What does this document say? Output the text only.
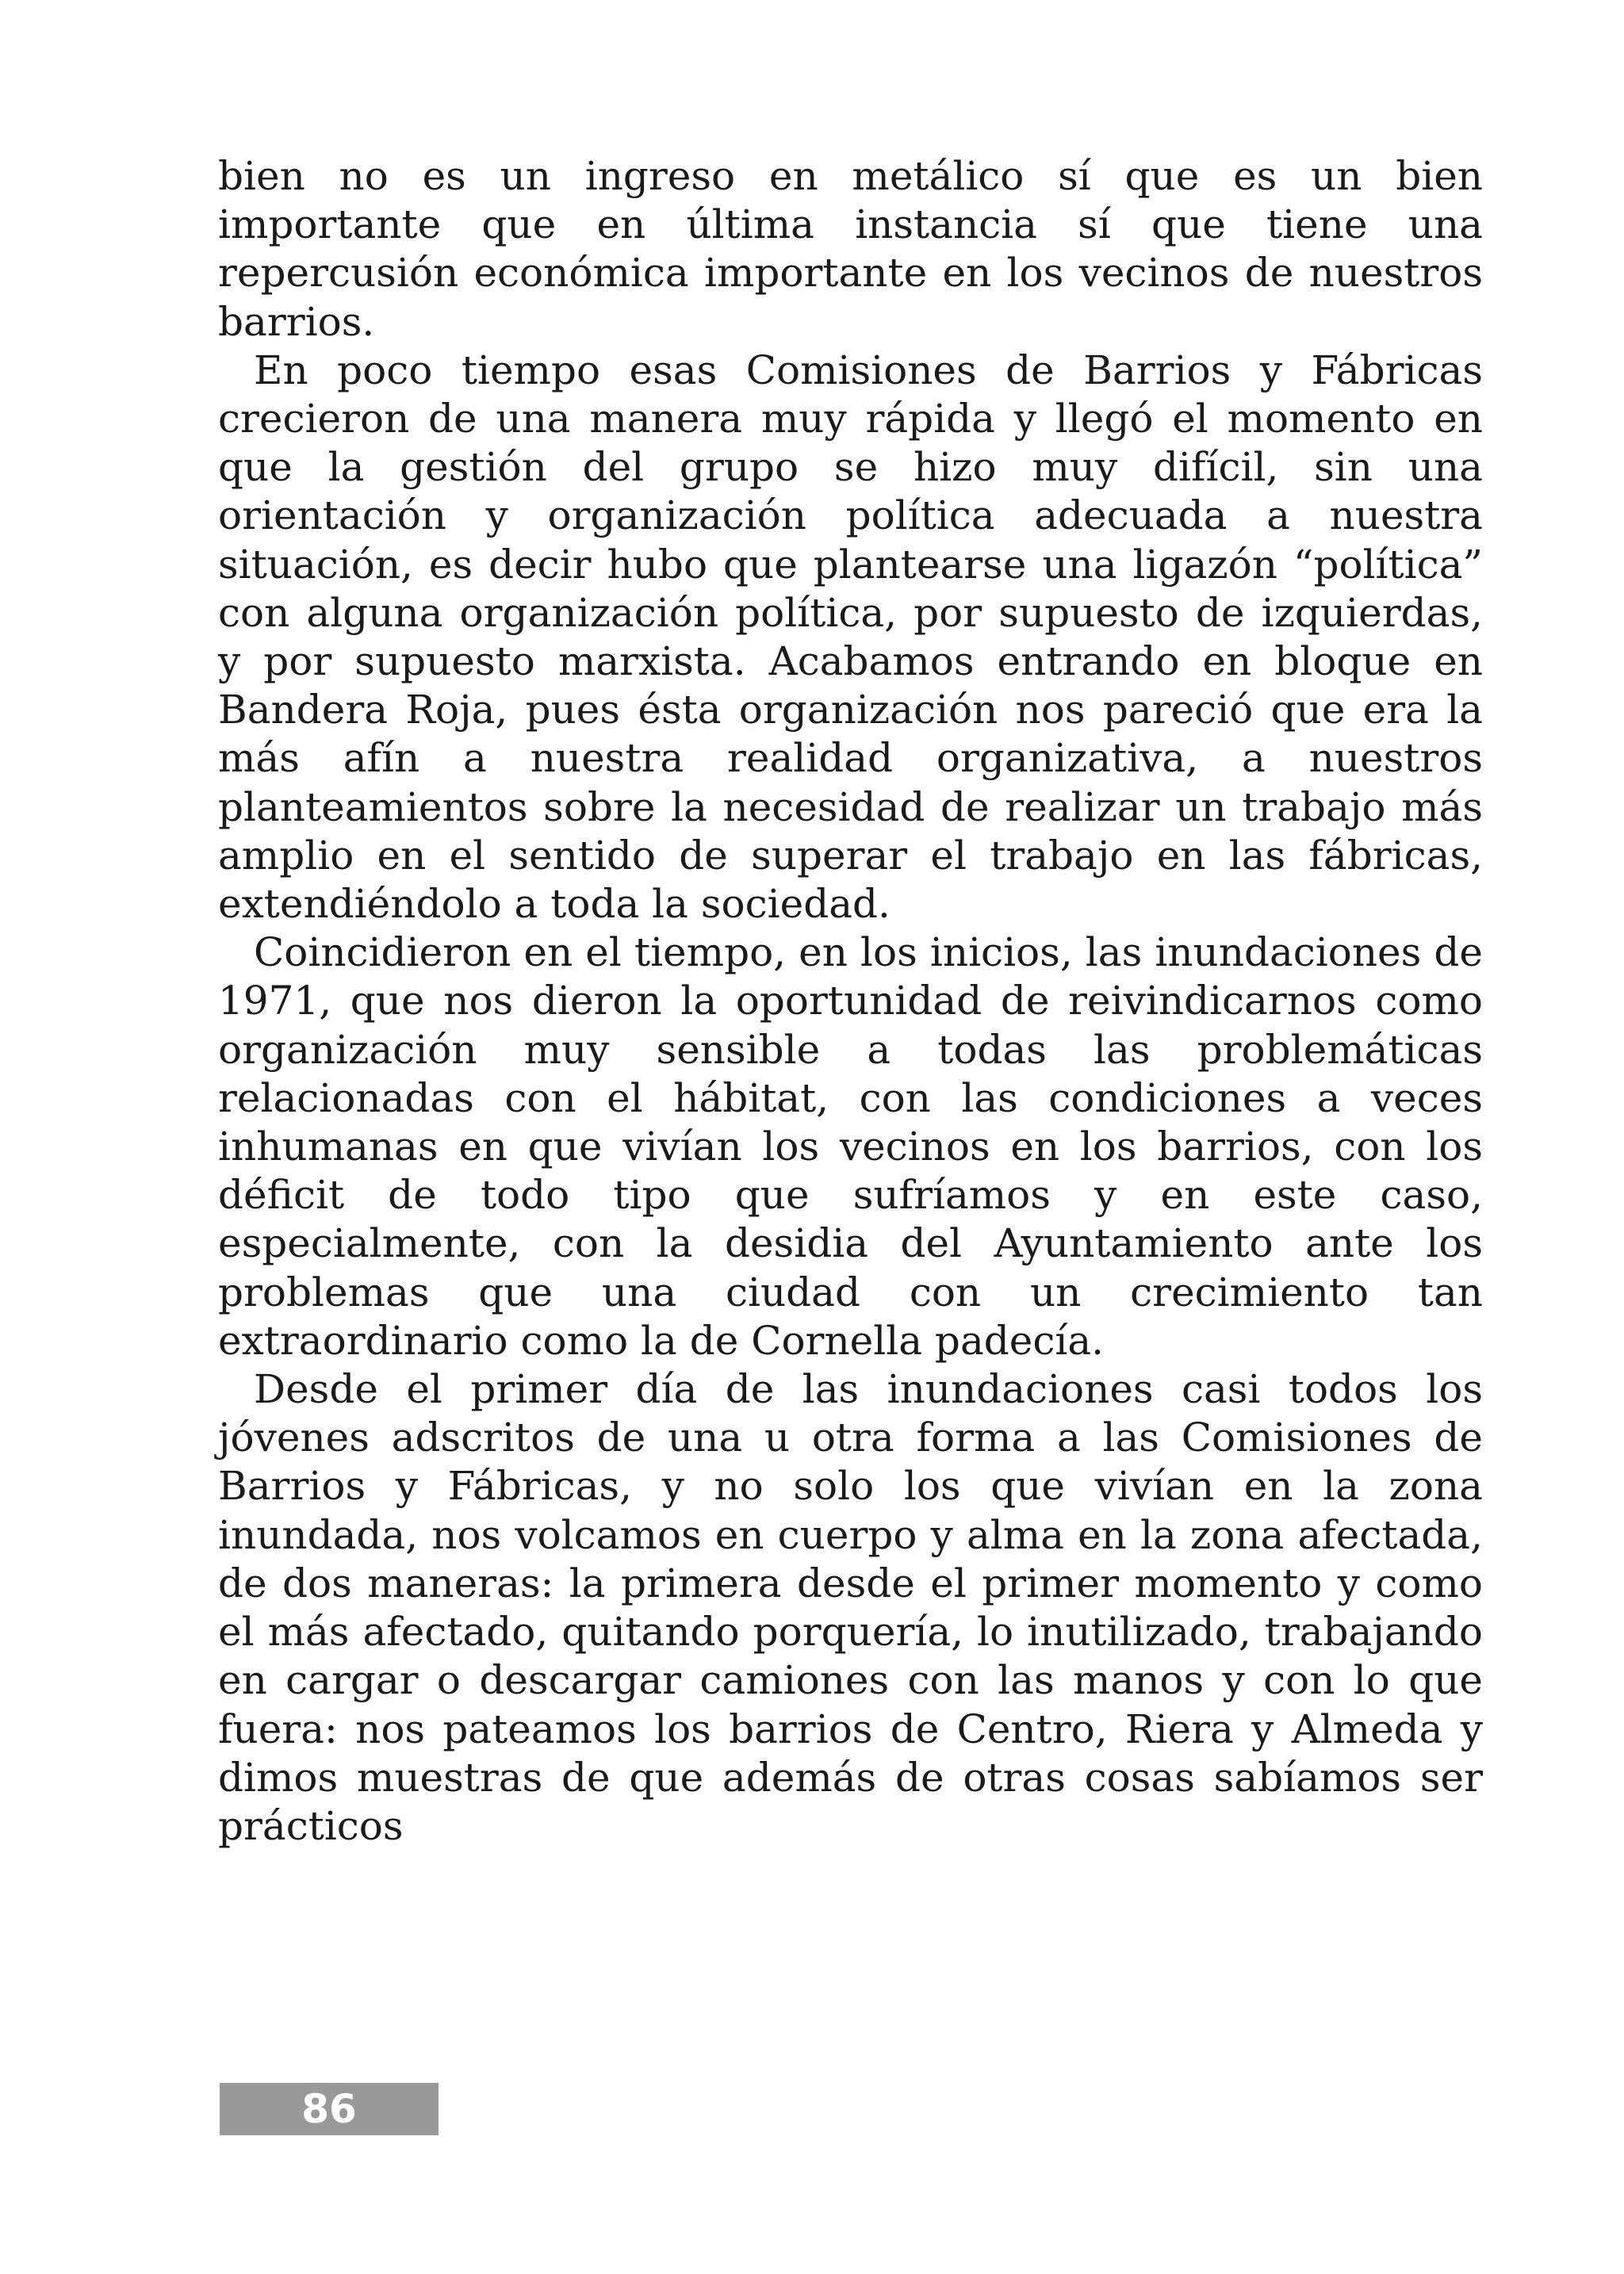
bien no es un ingreso en metálico sí que es un bien importante que en última instancia sí que tiene una repercusión económica importante en los vecinos de nuestros barrios.

En poco tiempo esas Comisiones de Barrios y Fábricas crecieron de una manera muy rápida y llegó el momento en que la gestión del grupo se hizo muy difícil, sin una orientación y organización política adecuada a nuestra situación, es decir hubo que plantearse una ligazón “política” con alguna organización política, por supuesto de izquierdas, y por supuesto marxista. Acabamos entrando en bloque en Bandera Roja, pues ésta organización nos pareció que era la más afín a nuestra realidad organizativa, a nuestros planteamientos sobre la necesidad de realizar un trabajo más amplio en el sentido de superar el trabajo en las fábricas, extendiéndolo a toda la sociedad.

Coincidieron en el tiempo, en los inicios, las inundaciones de 1971, que nos dieron la oportunidad de reivindicarnos como organización muy sensible a todas las problemáticas relacionadas con el hábitat, con las condiciones a veces inhumanas en que vivían los vecinos en los barrios, con los déficit de todo tipo que sufríamos y en este caso, especialmente, con la desidia del Ayuntamiento ante los problemas que una ciudad con un crecimiento tan extraordinario como la de Cornella padecía.

Desde el primer día de las inundaciones casi todos los jóvenes adscritos de una u otra forma a las Comisiones de Barrios y Fábricas, y no solo los que vivían en la zona inundada, nos volcamos en cuerpo y alma en la zona afectada, de dos maneras: la primera desde el primer momento y como el más afectado, quitando porquería, lo inutilizado, trabajando en cargar o descargar camiones con las manos y con lo que fuera: nos pateamos los barrios de Centro, Riera y Almeda y dimos muestras de que además de otras cosas sabíamos ser prácticos

86
